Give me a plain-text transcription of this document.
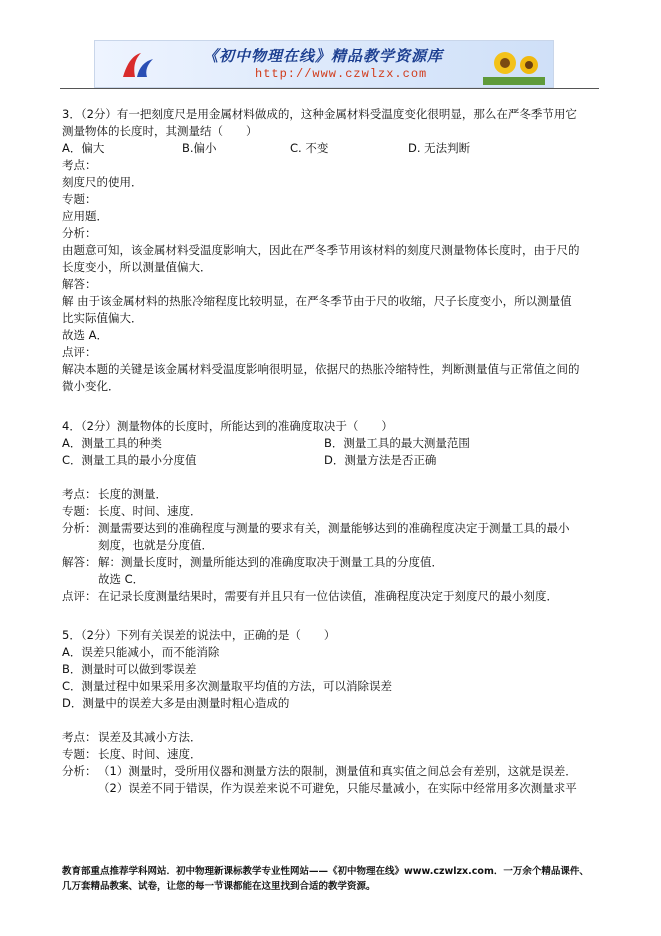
《初中物理在线》精品教学资源库
http://www.czwlzx.com
3．（2分）有一把刻度尺是用金属材料做成的，这种金属材料受温度变化很明显，那么在严冬季节用它
测量物体的长度时，其测量结（　　）
A．偏大	B.偏小	C. 不变	D. 无法判断
考点：
刻度尺的使用．
专题：
应用题．
分析：
由题意可知，该金属材料受温度影响大，因此在严冬季节用该材料的刻度尺测量物体长度时，由于尺的
长度变小，所以测量值偏大．
解答：
解 由于该金属材料的热胀冷缩程度比较明显，在严冬季节由于尺的收缩，尺子长度变小，所以测量值
比实际值偏大．
故选 A．
点评：
解决本题的关键是该金属材料受温度影响很明显，依据尺的热胀冷缩特性，判断测量值与正常值之间的
微小变化．
4．（2分）测量物体的长度时，所能达到的准确度取决于（　　）
A．测量工具的种类	B．测量工具的最大测量范围
C．测量工具的最小分度值	D．测量方法是否正确
考点： 长度的测量．
专题： 长度、时间、速度．
分析： 测量需要达到的准确程度与测量的要求有关，测量能够达到的准确程度决定于测量工具的最小
刻度，也就是分度值．
解答： 解：测量长度时，测量所能达到的准确度取决于测量工具的分度值．
故选 C．
点评： 在记录长度测量结果时，需要有并且只有一位估读值，准确程度决定于刻度尺的最小刻度．
5．（2分）下列有关误差的说法中，正确的是（　　）
A．误差只能减小，而不能消除
B．测量时可以做到零误差
C．测量过程中如果采用多次测量取平均值的方法，可以消除误差
D．测量中的误差大多是由测量时粗心造成的
考点： 误差及其减小方法．
专题： 长度、时间、速度．
分析： （1）测量时，受所用仪器和测量方法的限制，测量值和真实值之间总会有差别，这就是误差．
（2）误差不同于错误，作为误差来说不可避免，只能尽量减小，在实际中经常用多次测量求平
教育部重点推荐学科网站．初中物理新课标教学专业性网站——《初中物理在线》www.czwlzx.com．一万余个精品课件、
几万套精品教案、试卷，让您的每一节课都能在这里找到合适的教学资源。
